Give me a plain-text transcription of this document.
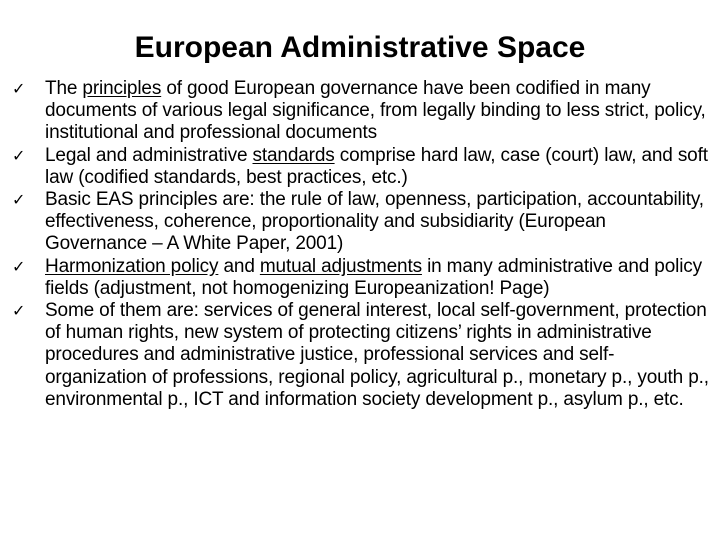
European Administrative Space
✓ The principles of good European governance have been codified in many documents of various legal significance, from legally binding to less strict, policy, institutional and professional documents
✓ Legal and administrative standards comprise hard law, case (court) law, and soft law (codified standards, best practices, etc.)
✓ Basic EAS principles are: the rule of law, openness, participation, accountability, effectiveness, coherence, proportionality and subsidiarity (European Governance – A White Paper, 2001)
✓ Harmonization policy and mutual adjustments in many administrative and policy fields (adjustment, not homogenizing Europeanization! Page)
✓ Some of them are: services of general interest, local self-government, protection of human rights, new system of protecting citizens’ rights in administrative procedures and administrative justice, professional services and self-organization of professions, regional policy, agricultural p., monetary p., youth p., environmental p., ICT and information society development p., asylum p., etc.
